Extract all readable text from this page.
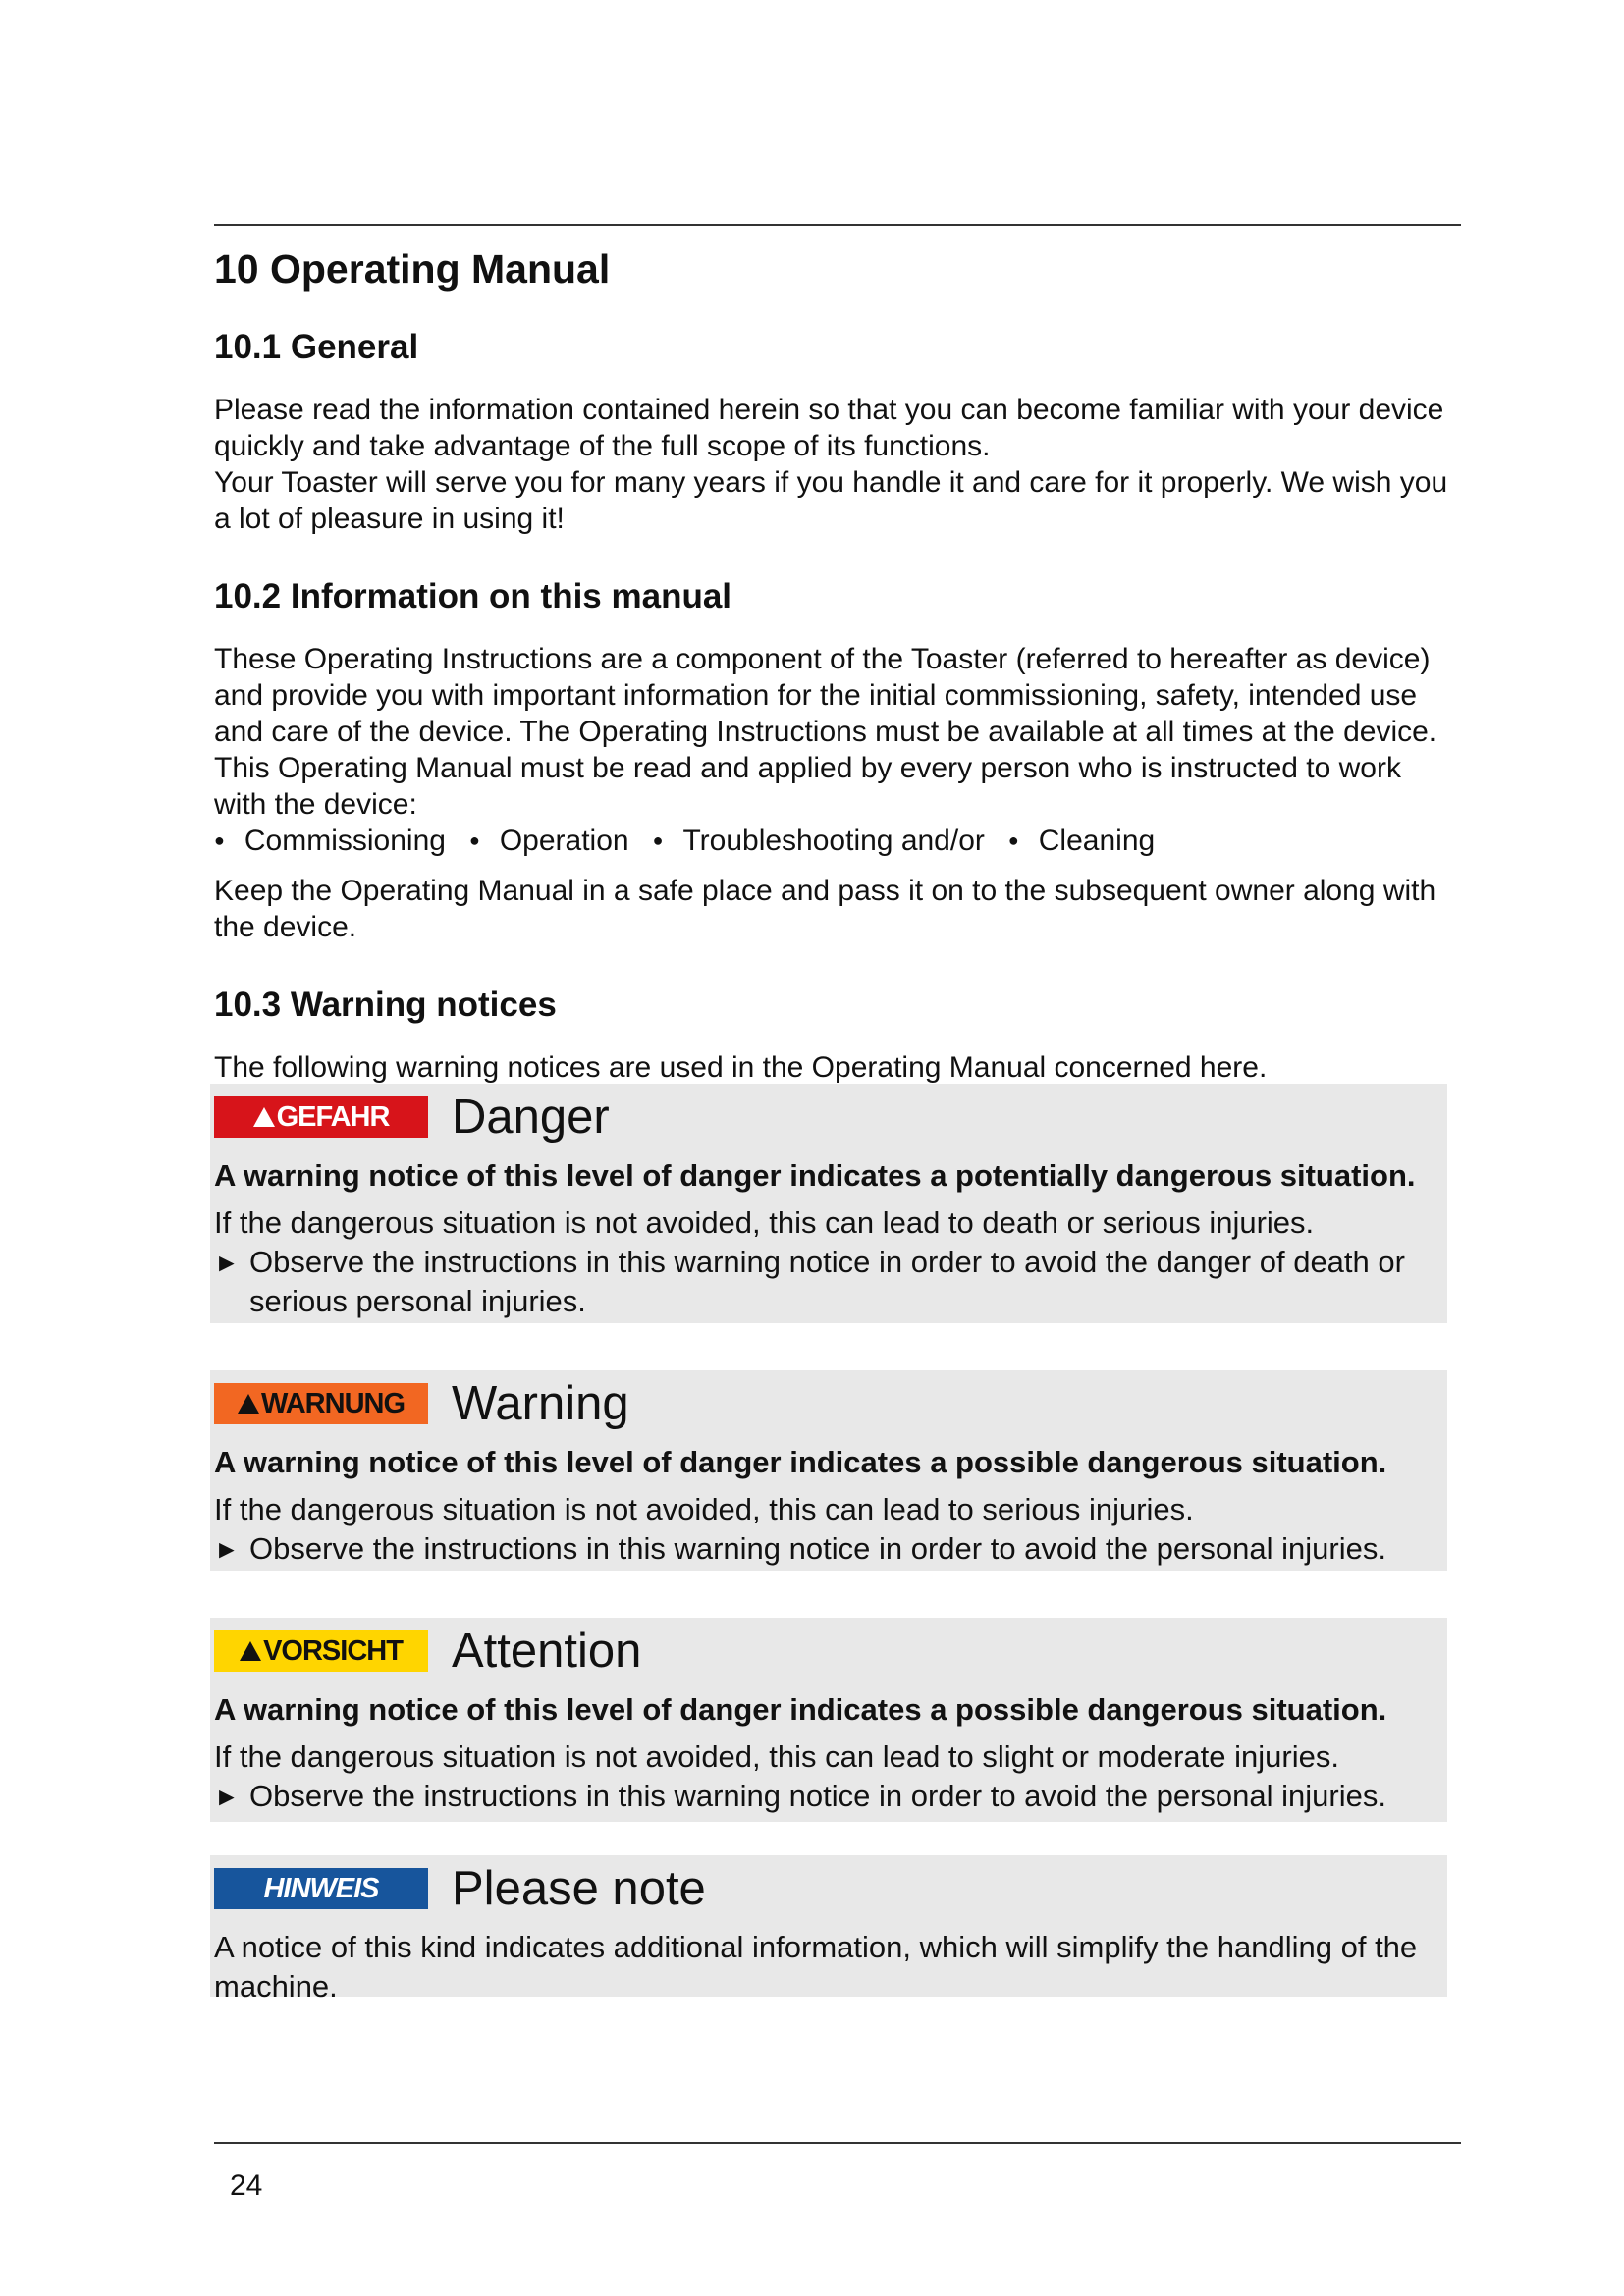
10 Operating Manual
10.1 General

Please read the information contained herein so that you can become familiar with your device quickly and take advantage of the full scope of its functions.

Your Toaster will serve you for many years if you handle it and care for it properly. We wish you a lot of pleasure in using it!

10.2 Information on this manual

These Operating Instructions are a component of the Toaster (referred to hereafter as device) and provide you with important information for the initial commissioning, safety, intended use and care of the device. The Operating Instructions must be available at all times at the device. This Operating Manual must be read and applied by every person who is instructed to work with the device:

● Commissioning	● Operation	● Troubleshooting and/or	● Cleaning

Keep the Operating Manual in a safe place and pass it on to the subsequent owner along with the device.

10.3 Warning notices

The following warning notices are used in the Operating Manual concerned here.

GEFAHR Danger

A warning notice of this level of danger indicates a potentially dangerous situation.

If the dangerous situation is not avoided, this can lead to death or serious injuries.

► Observe the instructions in this warning notice in order to avoid the danger of death or serious personal injuries.

WARNUNG Warning

A warning notice of this level of danger indicates a possible dangerous situation.

If the dangerous situation is not avoided, this can lead to serious injuries.

► Observe the instructions in this warning notice in order to avoid the personal injuries.

VORSICHT Attention

A warning notice of this level of danger indicates a possible dangerous situation.

If the dangerous situation is not avoided, this can lead to slight or moderate injuries.

► Observe the instructions in this warning notice in order to avoid the personal injuries.

HINWEIS Please note

A notice of this kind indicates additional information, which will simplify the handling of the machine.

24
